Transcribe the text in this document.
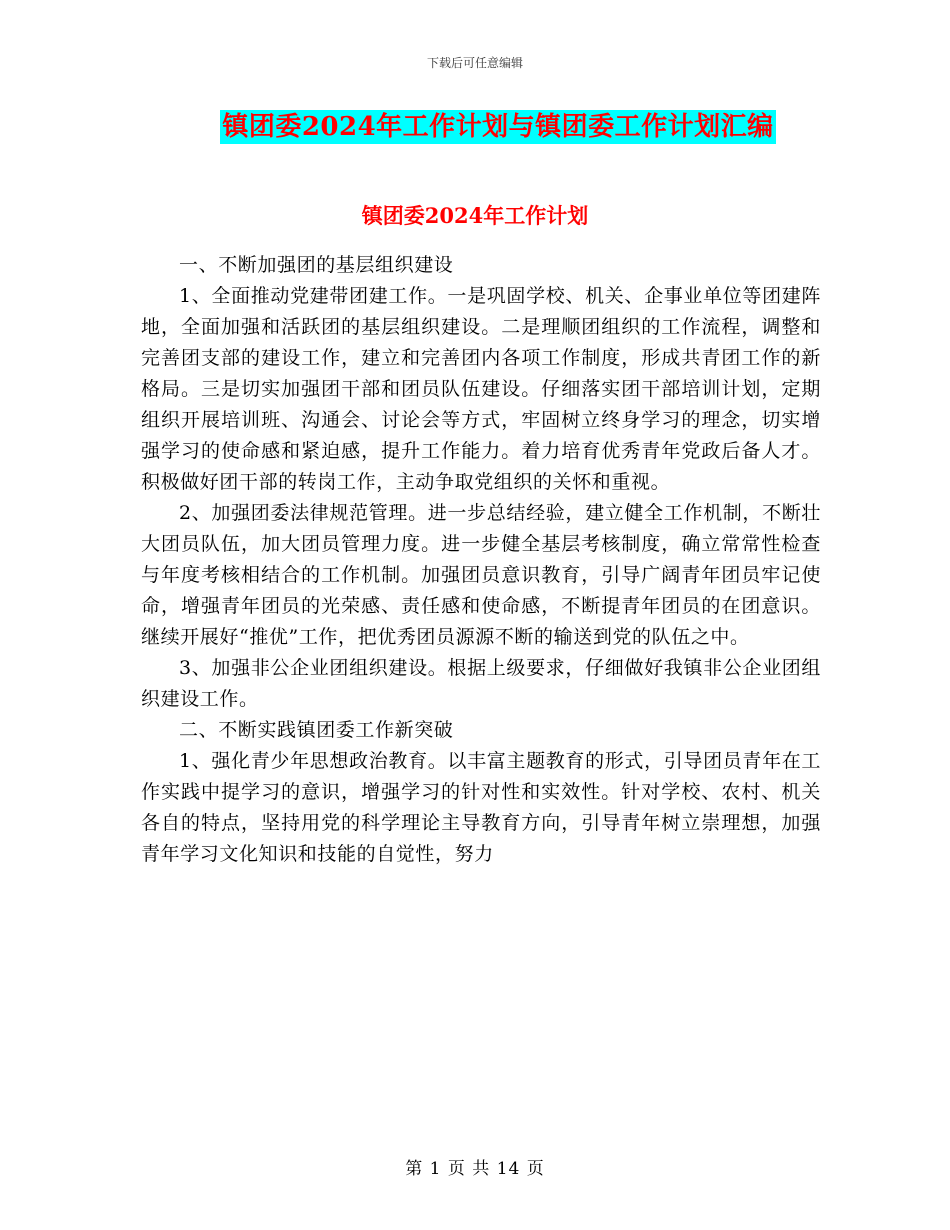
下载后可任意编辑
镇团委2024年工作计划与镇团委工作计划汇编
镇团委2024年工作计划

一、不断加强团的基层组织建设

1、全面推动党建带团建工作。一是巩固学校、机关、企事业单位等团建阵地，全面加强和活跃团的基层组织建设。二是理顺团组织的工作流程，调整和完善团支部的建设工作，建立和完善团内各项工作制度，形成共青团工作的新格局。三是切实加强团干部和团员队伍建设。仔细落实团干部培训计划，定期组织开展培训班、沟通会、讨论会等方式，牢固树立终身学习的理念，切实增强学习的使命感和紧迫感，提升工作能力。着力培育优秀青年党政后备人才。积极做好团干部的转岗工作，主动争取党组织的关怀和重视。

2、加强团委法律规范管理。进一步总结经验，建立健全工作机制，不断壮大团员队伍，加大团员管理力度。进一步健全基层考核制度，确立常常性检查与年度考核相结合的工作机制。加强团员意识教育，引导广阔青年团员牢记使命，增强青年团员的光荣感、责任感和使命感，不断提青年团员的在团意识。继续开展好“推优”工作，把优秀团员源源不断的输送到党的队伍之中。

3、加强非公企业团组织建设。根据上级要求，仔细做好我镇非公企业团组织建设工作。

二、不断实践镇团委工作新突破

1、强化青少年思想政治教育。以丰富主题教育的形式，引导团员青年在工作实践中提学习的意识，增强学习的针对性和实效性。针对学校、农村、机关各自的特点，坚持用党的科学理论主导教育方向，引导青年树立崇理想，加强青年学习文化知识和技能的自觉性，努力

第 1 页 共 14 页
